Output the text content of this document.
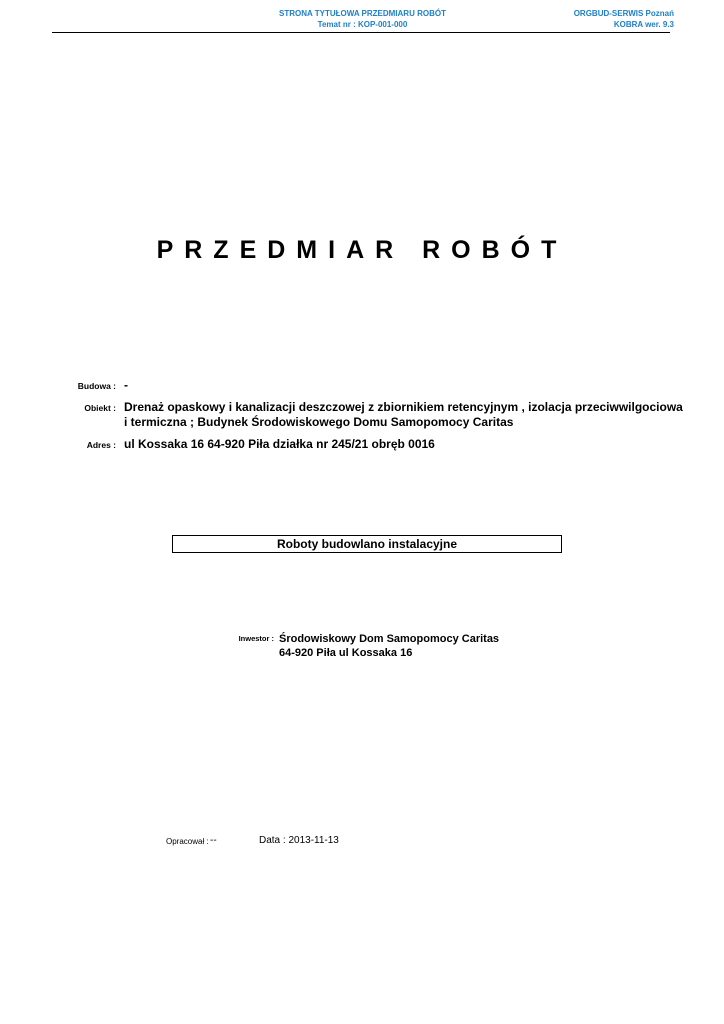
STRONA TYTUŁOWA PRZEDMIARU ROBÓT
Temat nr : KOP-001-000
ORGBUD-SERWIS Poznań
KOBRA wer. 9.3
PRZEDMIAR ROBÓT
Budowa : -
Obiekt : Drenaż opaskowy i kanalizacji deszczowej z zbiornikiem retencyjnym , izolacja przeciwwilgociowa
i termiczna ; Budynek Środowiskowego Domu Samopomocy Caritas
Adres : ul Kossaka 16 64-920 Piła działka nr 245/21 obręb 0016
Roboty budowlano instalacyjne
Inwestor : Środowiskowy Dom Samopomocy Caritas
64-920 Piła ul Kossaka 16
Opracował : --	Data : 2013-11-13
